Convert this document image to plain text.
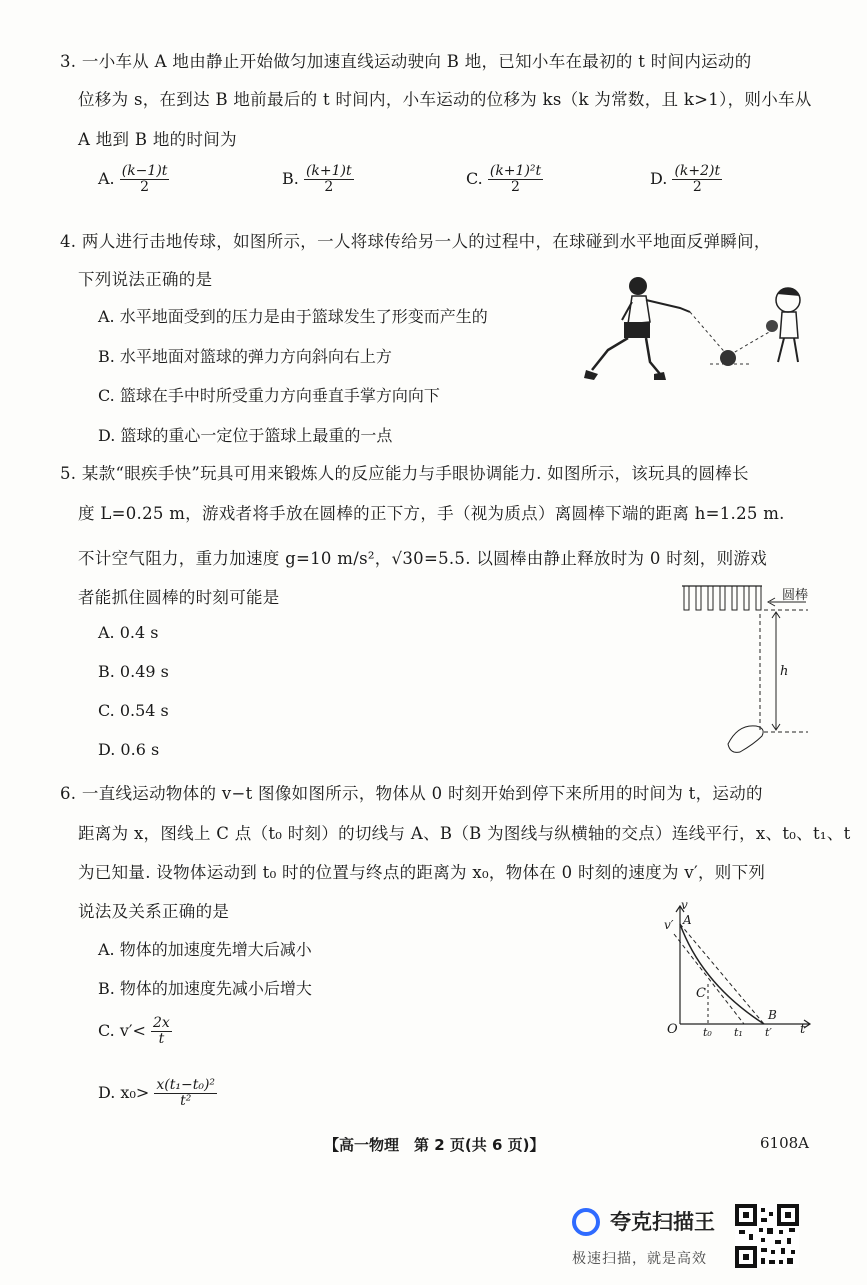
3. 一小车从 A 地由静止开始做匀加速直线运动驶向 B 地，已知小车在最初的 t 时间内运动的
位移为 s，在到达 B 地前最后的 t 时间内，小车运动的位移为 ks（k 为常数，且 k>1），则小车从
A 地到 B 地的时间为
A. $\frac{(k-1)t}{2}$	B. $\frac{(k+1)t}{2}$	C. $\frac{\text{(k+1)²t}}{2}$	D. $\frac{(k+2)t}{2}$
4. 两人进行击地传球，如图所示，一人将球传给另一人的过程中，在球碰到水平地面反弹瞬间，
下列说法正确的是
A. 水平地面受到的压力是由于篮球发生了形变而产生的
B. 水平地面对篮球的弹力方向斜向右上方
C. 篮球在手中时所受重力方向垂直手掌方向向下
D. 篮球的重心一定位于篮球上最重的一点
5. 某款“眼疾手快”玩具可用来锻炼人的反应能力与手眼协调能力. 如图所示，该玩具的圆棒长
度 L=0.25 m，游戏者将手放在圆棒的正下方，手（视为质点）离圆棒下端的距离 h=1.25 m.
不计空气阻力，重力加速度 g=10 m/s²，√30=5.5. 以圆棒由静止释放时为 0 时刻，则游戏
者能抓住圆棒的时刻可能是
A. 0.4 s
B. 0.49 s
C. 0.54 s
D. 0.6 s
圆棒
h
6. 一直线运动物体的 v−t 图像如图所示，物体从 0 时刻开始到停下来所用的时间为 t，运动的
距离为 x，图线上 C 点（t₀ 时刻）的切线与 A、B（B 为图线与纵横轴的交点）连线平行，x、t₀、t₁、t
为已知量. 设物体运动到 t₀ 时的位置与终点的距离为 x₀，物体在 0 时刻的速度为 v′，则下列
说法及关系正确的是
A. 物体的加速度先增大后减小
B. 物体的加速度先减小后增大
C. $v'< \frac{2x}{t}$
D. $x_0> \frac{\text{x(t₁−t₀)²}}{\text{t²}}$
v
v′ A
C
B
O t₀ t₁ t′ t
【高一物理　第 2 页(共 6 页)】	6108A
夸克扫描王
极速扫描，就是高效
